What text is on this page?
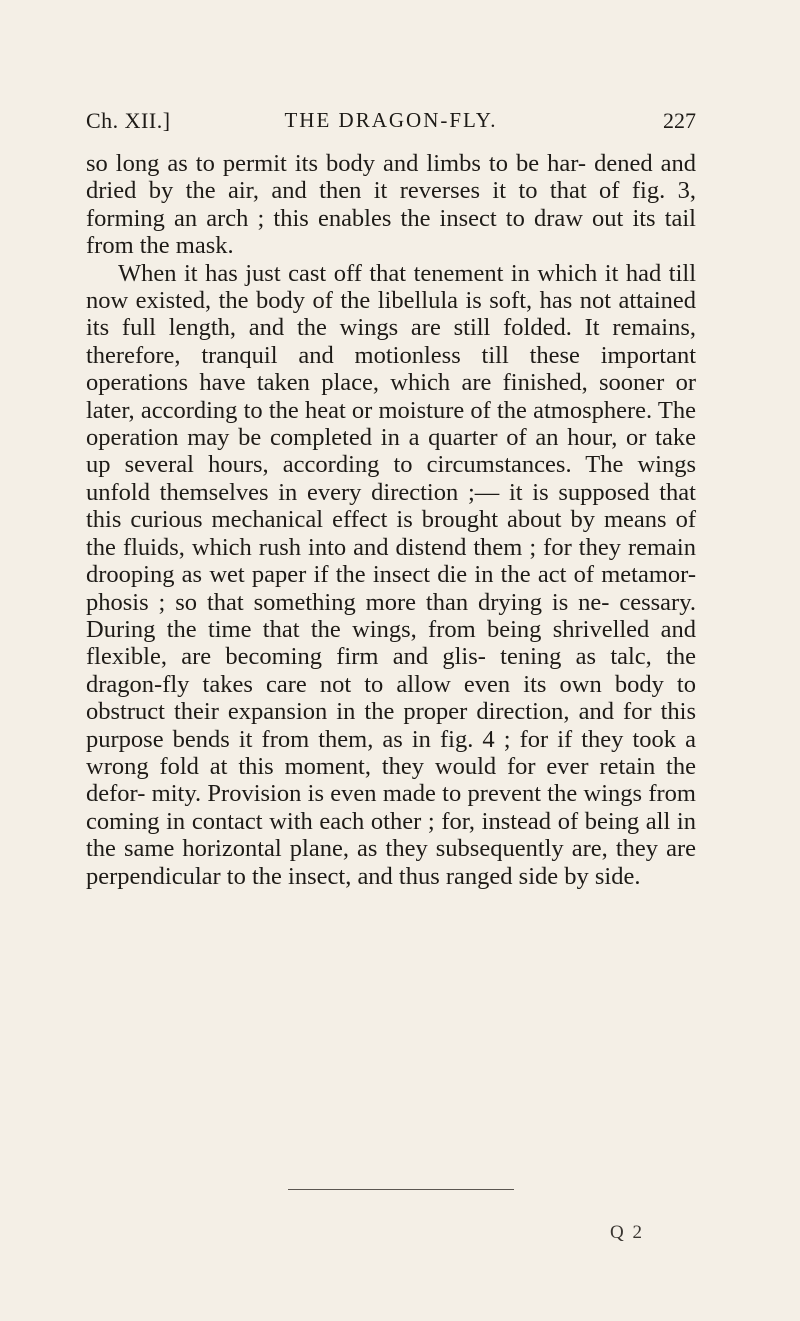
Ch. XII.]	THE DRAGON-FLY.	227

so long as to permit its body and limbs to be har- dened and dried by the air, and then it reverses it to that of fig. 3, forming an arch ; this enables the insect to draw out its tail from the mask.

When it has just cast off that tenement in which it had till now existed, the body of the libellula is soft, has not attained its full length, and the wings are still folded. It remains, therefore, tranquil and motionless till these important operations have taken place, which are finished, sooner or later, according to the heat or moisture of the atmosphere. The operation may be completed in a quarter of an hour, or take up several hours, according to circumstances. The wings unfold themselves in every direction ;— it is supposed that this curious mechanical effect is brought about by means of the fluids, which rush into and distend them ; for they remain drooping as wet paper if the insect die in the act of metamor- phosis ; so that something more than drying is ne- cessary. During the time that the wings, from being shrivelled and flexible, are becoming firm and glis- tening as talc, the dragon-fly takes care not to allow even its own body to obstruct their expansion in the proper direction, and for this purpose bends it from them, as in fig. 4 ; for if they took a wrong fold at this moment, they would for ever retain the defor- mity. Provision is even made to prevent the wings from coming in contact with each other ; for, instead of being all in the same horizontal plane, as they subsequently are, they are perpendicular to the insect, and thus ranged side by side.

Q 2
